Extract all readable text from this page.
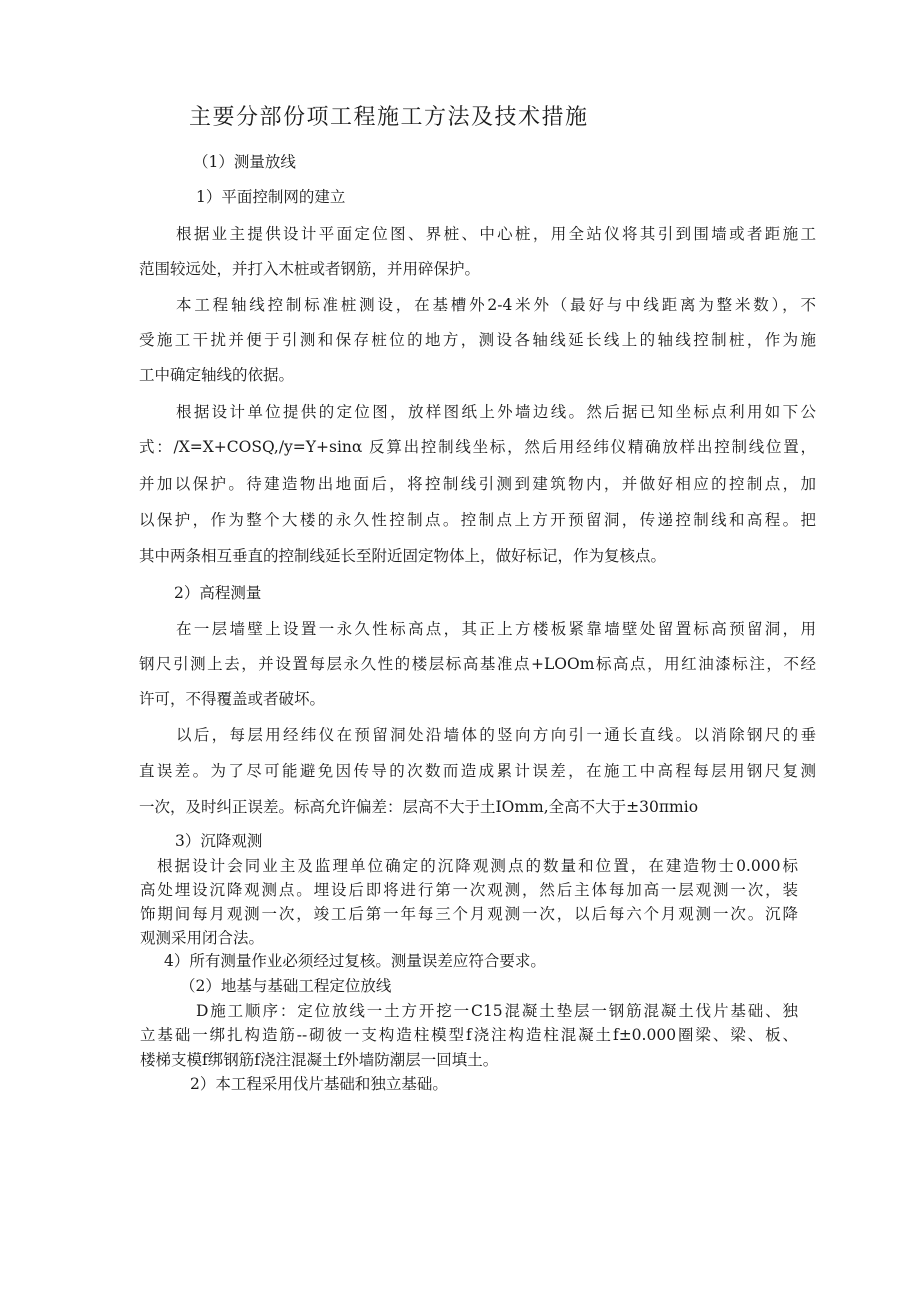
主要分部份项工程施工方法及技术措施
（1）测量放线
1）平面控制网的建立
根据业主提供设计平面定位图、界桩、中心桩，用全站仪将其引到围墙或者距施工
范围较远处，并打入木桩或者钢筋，并用碎保护。
本工程轴线控制标准桩测设，在基槽外2-4米外（最好与中线距离为整米数），不
受施工干扰并便于引测和保存桩位的地方，测设各轴线延长线上的轴线控制桩，作为施
工中确定轴线的依据。
根据设计单位提供的定位图，放样图纸上外墙边线。然后据已知坐标点利用如下公
式：/X=X+COSQ,/y=Y+sinα 反算出控制线坐标，然后用经纬仪精确放样出控制线位置，
并加以保护。待建造物出地面后，将控制线引测到建筑物内，并做好相应的控制点，加
以保护，作为整个大楼的永久性控制点。控制点上方开预留洞，传递控制线和高程。把
其中两条相互垂直的控制线延长至附近固定物体上，做好标记，作为复核点。
2）高程测量
在一层墙壁上设置一永久性标高点，其正上方楼板紧靠墙壁处留置标高预留洞，用
钢尺引测上去，并设置每层永久性的楼层标高基准点+LOOm标高点，用红油漆标注，不经
许可，不得覆盖或者破坏。
以后，每层用经纬仪在预留洞处沿墙体的竖向方向引一通长直线。以消除钢尺的垂
直误差。为了尽可能避免因传导的次数而造成累计误差，在施工中高程每层用钢尺复测
一次，及时纠正误差。标高允许偏差：层高不大于土IOmm,全高不大于±30πmio
3）沉降观测
根据设计会同业主及监理单位确定的沉降观测点的数量和位置，在建造物士0.000标
高处埋设沉降观测点。埋设后即将进行第一次观测，然后主体每加高一层观测一次，装
饰期间每月观测一次，竣工后第一年每三个月观测一次，以后每六个月观测一次。沉降
观测采用闭合法。
4）所有测量作业必须经过复核。测量误差应符合要求。
（2）地基与基础工程定位放线
D施工顺序：定位放线一土方开挖一C15混凝土垫层一钢筋混凝土伐片基础、独
立基础一绑扎构造筋--砌彼一支构造柱模型f浇注构造柱混凝土f±0.000圈梁、梁、板、
楼梯支模f绑钢筋f浇注混凝土f外墙防潮层一回填土。
2）本工程采用伐片基础和独立基础。
